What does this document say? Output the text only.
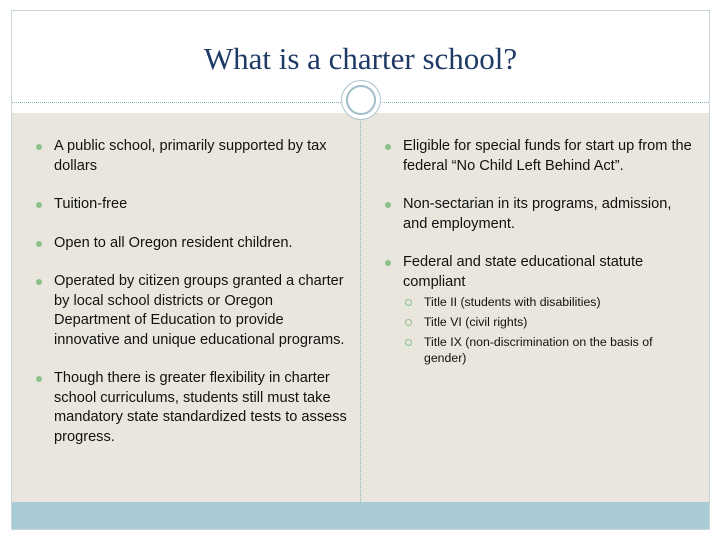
What is a charter school?
A public school, primarily supported by tax dollars
Tuition-free
Open to all Oregon resident children.
Operated by citizen groups granted a charter by local school districts or Oregon Department of Education to provide innovative and unique educational programs.
Though there is greater flexibility in charter school curriculums, students still must take mandatory state standardized tests to assess progress.
Eligible for special funds for start up from the federal “No Child Left Behind Act”.
Non-sectarian in its programs, admission, and employment.
Federal and state educational statute compliant
Title II (students with disabilities)
Title VI (civil rights)
Title IX (non-discrimination on the basis of gender)
